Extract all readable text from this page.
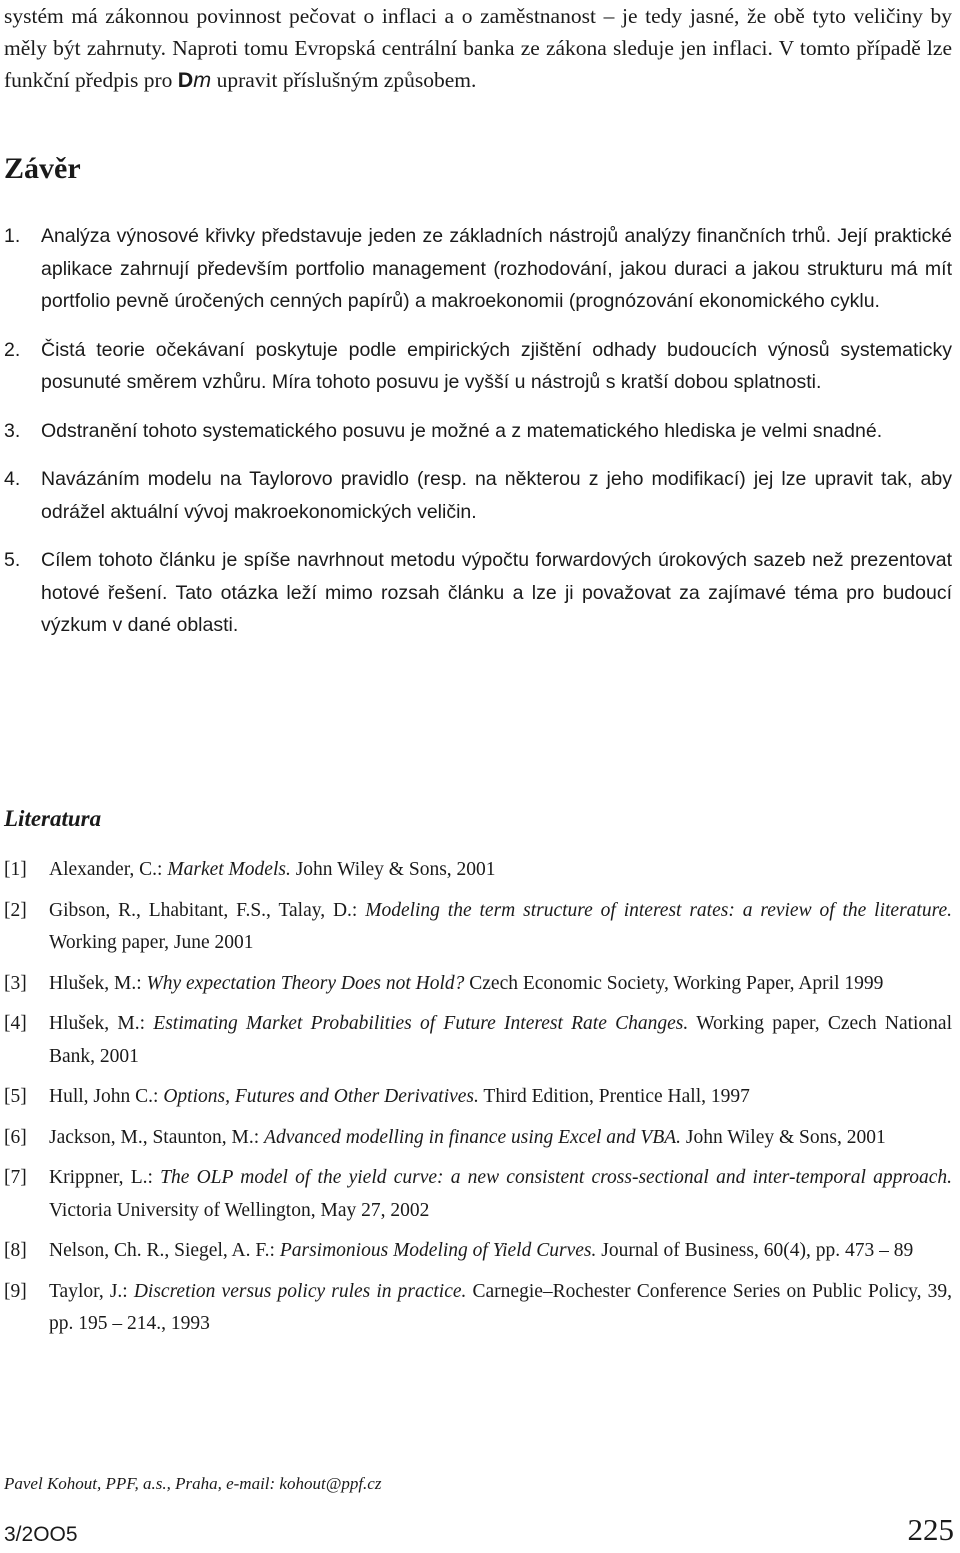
systém má zákonnou povinnost pečovat o inflaci a o zaměstnanost – je tedy jasné, že obě tyto veličiny by měly být zahrnuty. Naproti tomu Evropská centrální banka ze zákona sleduje jen inflaci. V tomto případě lze funkční předpis pro Dm upravit příslušným způsobem.
Závěr
1. Analýza výnosové křivky představuje jeden ze základních nástrojů analýzy finančních trhů. Její praktické aplikace zahrnují především portfolio management (rozhodování, jakou duraci a jakou strukturu má mít portfolio pevně úročených cenných papírů) a makroekonomii (prognózování ekonomického cyklu.
2. Čistá teorie očekávaní poskytuje podle empirických zjištění odhady budoucích výnosů systematicky posunuté směrem vzhůru. Míra tohoto posuvu je vyšší u nástrojů s kratší dobou splatnosti.
3. Odstranění tohoto systematického posuvu je možné a z matematického hlediska je velmi snadné.
4. Navázáním modelu na Taylorovo pravidlo (resp. na některou z jeho modifikací) jej lze upravit tak, aby odrážel aktuální vývoj makroekonomických veličin.
5. Cílem tohoto článku je spíše navrhnout metodu výpočtu forwardových úrokových sazeb než prezentovat hotové řešení. Tato otázka leží mimo rozsah článku a lze ji považovat za zajímavé téma pro budoucí výzkum v dané oblasti.
Literatura
[1] Alexander, C.: Market Models. John Wiley & Sons, 2001
[2] Gibson, R., Lhabitant, F.S., Talay, D.: Modeling the term structure of interest rates: a review of the literature. Working paper, June 2001
[3] Hlušek, M.: Why expectation Theory Does not Hold? Czech Economic Society, Working Paper, April 1999
[4] Hlušek, M.: Estimating Market Probabilities of Future Interest Rate Changes. Working paper, Czech National Bank, 2001
[5] Hull, John C.: Options, Futures and Other Derivatives. Third Edition, Prentice Hall, 1997
[6] Jackson, M., Staunton, M.: Advanced modelling in finance using Excel and VBA. John Wiley & Sons, 2001
[7] Krippner, L.: The OLP model of the yield curve: a new consistent cross-sectional and inter-temporal approach. Victoria University of Wellington, May 27, 2002
[8] Nelson, Ch. R., Siegel, A. F.: Parsimonious Modeling of Yield Curves. Journal of Business, 60(4), pp. 473 – 89
[9] Taylor, J.: Discretion versus policy rules in practice. Carnegie–Rochester Conference Series on Public Policy, 39, pp. 195 – 214., 1993
Pavel Kohout, PPF, a.s., Praha, e-mail: kohout@ppf.cz
3/2OO5	225
